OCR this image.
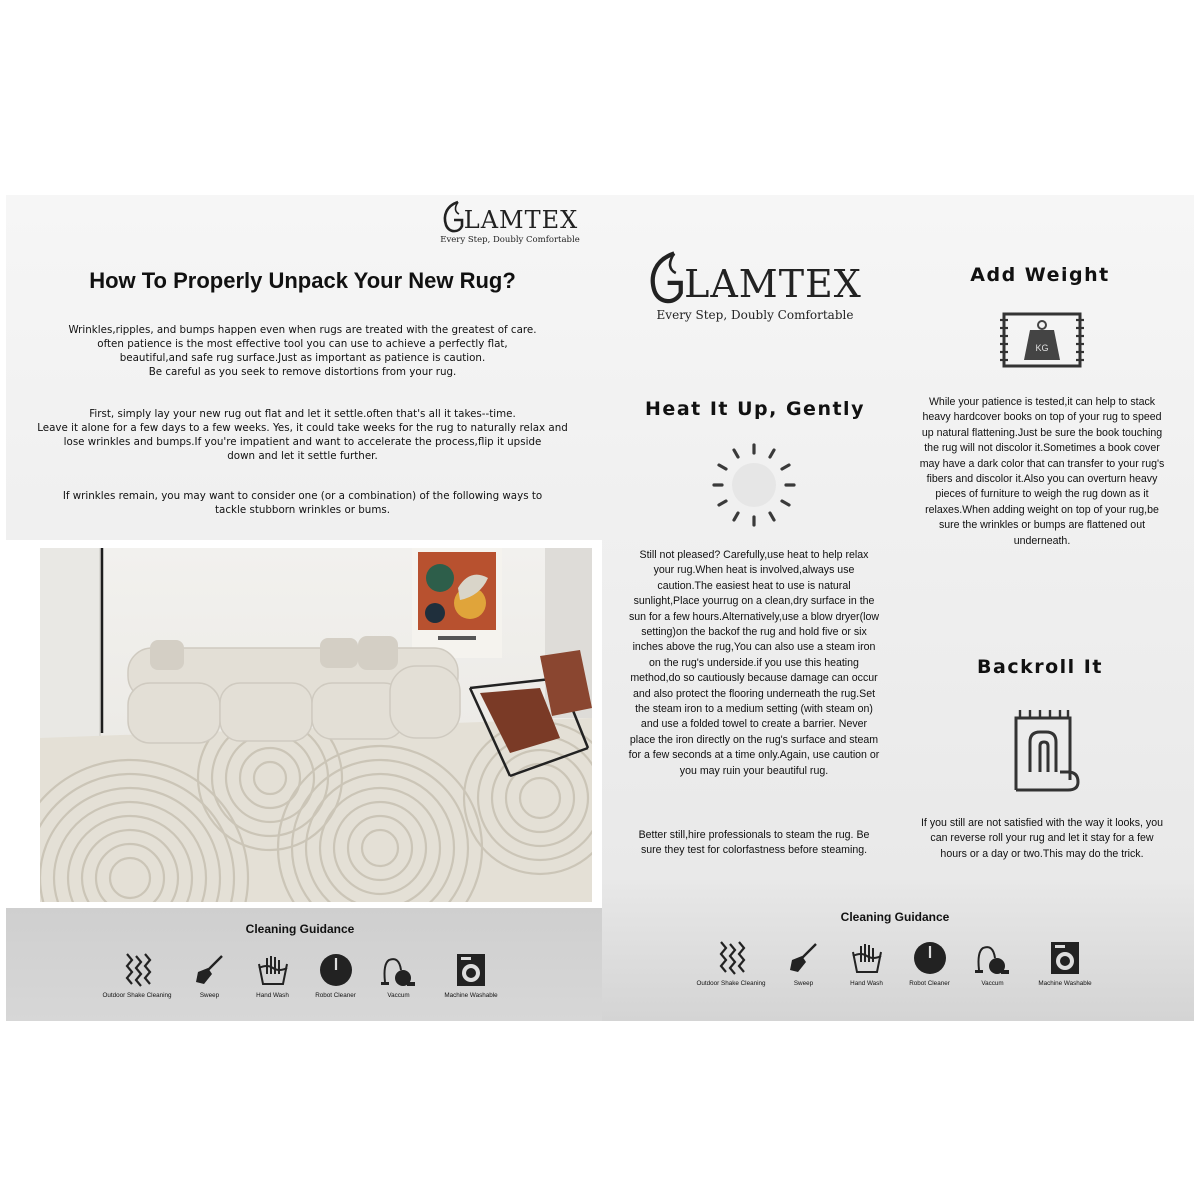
LAMTEX
Every Step, Doubly Comfortable
How To Properly Unpack Your New Rug?
Wrinkles,ripples, and bumps happen even when rugs are treated with the greatest of care.
often patience is the most effective tool you can use to achieve a perfectly flat,
beautiful,and safe rug surface.Just as important as patience is caution.
Be careful as you seek to remove distortions from your rug.
First, simply lay your new rug out flat and let it settle.often that's all it takes--time.
Leave it alone for a few days to a few weeks. Yes, it could take weeks for the rug to naturally relax and
lose wrinkles and bumps.If you're impatient and want to accelerate the process,flip it upside
down and let it settle further.
If wrinkles remain, you may want to consider one (or a combination) of the following ways to
tackle stubborn wrinkles or bums.
LAMTEX
Every Step, Doubly Comfortable
Heat It Up, Gently
Still not pleased? Carefully,use heat to help relax your rug.When heat is involved,always use caution.The easiest heat to use is natural sunlight,Place yourrug on a clean,dry surface in the sun for a few hours.Alternatively,use a blow dryer(low setting)on the backof the rug and hold five or six inches above the rug,You can also use a steam iron on the rug's underside.if you use this heating method,do so cautiously because damage can occur and also protect the flooring underneath the rug.Set the steam iron to a medium setting (with steam on) and use a folded towel to create a barrier. Never place the iron directly on the rug's surface and steam for a few seconds at a time only.Again, use caution or you may ruin your beautiful rug.
Better still,hire professionals to steam the rug. Be sure they test for colorfastness before steaming.
Add Weight
KG
While your patience is tested,it can help to stack heavy hardcover books on top of your rug to speed up natural flattening.Just be sure the book touching the rug will not discolor it.Sometimes a book cover may have a dark color that can transfer to your rug's fibers and discolor it.Also you can overturn heavy pieces of furniture to weigh the rug down as it relaxes.When adding weight on top of your rug,be sure the wrinkles or bumps are flattened out underneath.
Backroll It
If you still are not satisfied with the way it looks, you can reverse roll your rug and let it stay for a few hours or a day or two.This may do the trick.
Cleaning Guidance
Outdoor Shake Cleaning	Sweep	Hand Wash	Robot Cleaner	Vaccum	Machine Washable
Cleaning Guidance
Outdoor Shake Cleaning	Sweep	Hand Wash	Robot Cleaner	Vaccum	Machine Washable
